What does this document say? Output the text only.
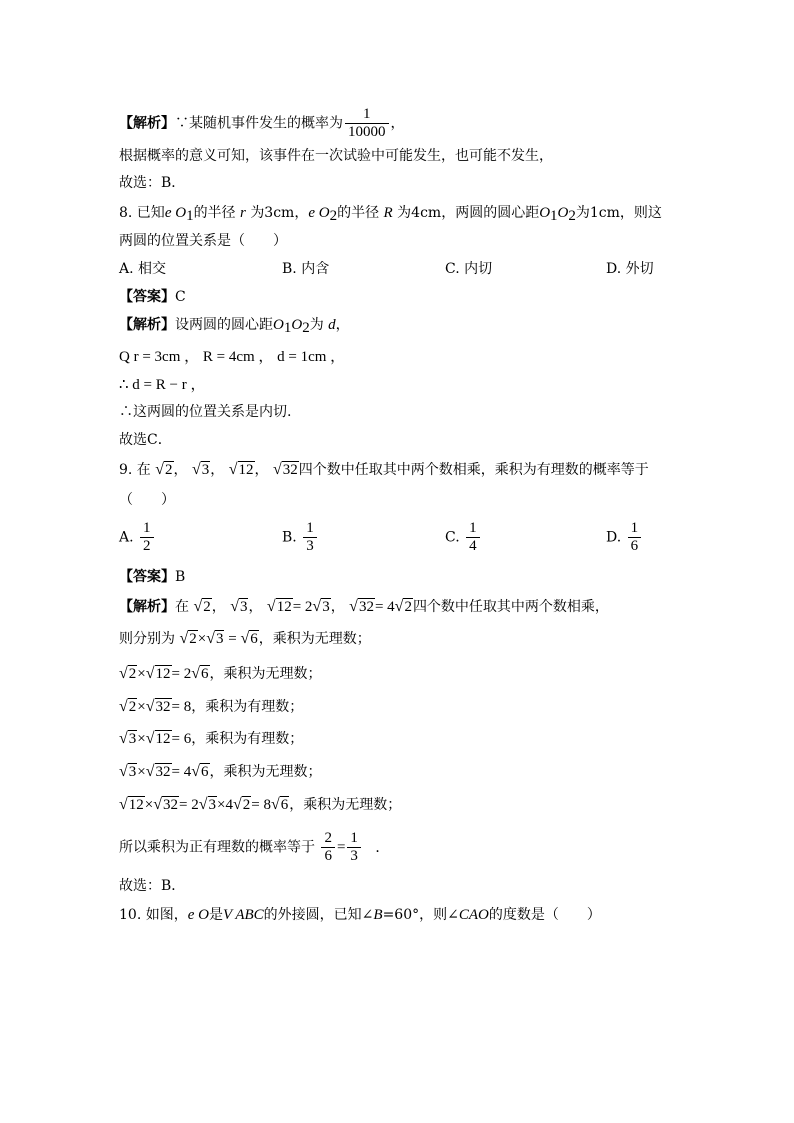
【解析】∵某随机事件发生的概率为 $\frac{1}{10000}$ ，
根据概率的意义可知，该事件在一次试验中可能发生，也可能不发生，
故选：B．
8. 已知e $O_1$的半径 r 为3cm，e $O_2$的半径 R 为4cm，两圆的圆心距$O_1O_2$为1cm，则这
两圆的位置关系是（　　）
A. 相交	B. 内含	C. 内切	D. 外切
【答案】C
【解析】设两圆的圆心距$O_1O_2$为 d，
Q r = 3cm ， R = 4cm ， d = 1cm ，
∴ d = R − r ，
∴这两圆的位置关系是内切.
故选C．
9. 在 √2， √3， √12， √32四个数中任取其中两个数相乘，乘积为有理数的概率等于
（　　）
A. $\frac{1}{2}$	B. $\frac{1}{3}$	C. $\frac{1}{4}$	D. $\frac{1}{6}$
【答案】B
【解析】在 √2， √3， √12= 2√3， √32= 4√2四个数中任取其中两个数相乘，
则分别为 √2×√3 = √6，乘积为无理数；
√2×√12= 2√6，乘积为无理数；
√2×√32= 8，乘积为有理数；
√3×√12= 6，乘积为有理数；
√3×√32= 4√6，乘积为无理数；
√12×√32= 2√3×4√2= 8√6，乘积为无理数；
所以乘积为正有理数的概率等于 $\frac{2}{6} = \frac{1}{3}$ ．
故选：B．
10. 如图，e O是V ABC的外接圆，已知∠B=60°，则∠CAO的度数是（　　）
